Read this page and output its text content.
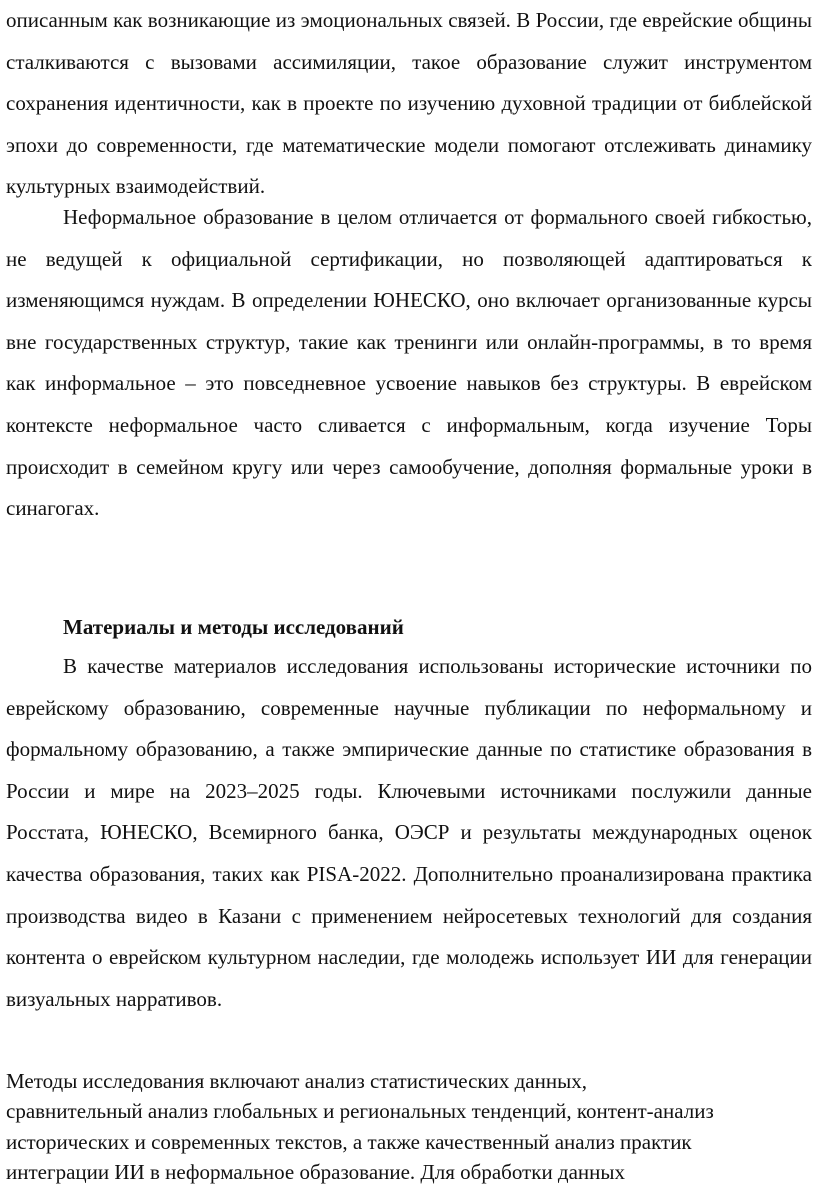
описанным как возникающие из эмоциональных связей. В России, где еврейские общины сталкиваются с вызовами ассимиляции, такое образование служит инструментом сохранения идентичности, как в проекте по изучению духовной традиции от библейской эпохи до современности, где математические модели помогают отслеживать динамику культурных взаимодействий.

Неформальное образование в целом отличается от формального своей гибкостью, не ведущей к официальной сертификации, но позволяющей адаптироваться к изменяющимся нуждам. В определении ЮНЕСКО, оно включает организованные курсы вне государственных структур, такие как тренинги или онлайн-программы, в то время как информальное – это повседневное усвоение навыков без структуры. В еврейском контексте неформальное часто сливается с информальным, когда изучение Торы происходит в семейном кругу или через самообучение, дополняя формальные уроки в синагогах.

Материалы и методы исследований

В качестве материалов исследования использованы исторические источники по еврейскому образованию, современные научные публикации по неформальному и формальному образованию, а также эмпирические данные по статистике образования в России и мире на 2023–2025 годы. Ключевыми источниками послужили данные Росстата, ЮНЕСКО, Всемирного банка, ОЭСР и результаты международных оценок качества образования, таких как PISA-2022. Дополнительно проанализирована практика производства видео в Казани с применением нейросетевых технологий для создания контента о еврейском культурном наследии, где молодежь использует ИИ для генерации визуальных нарративов.

Методы исследования включают анализ статистических данных,
сравнительный анализ глобальных и региональных тенденций, контент-анализ
исторических и современных текстов, а также качественный анализ практик
интеграции ИИ в неформальное образование. Для обработки данных
